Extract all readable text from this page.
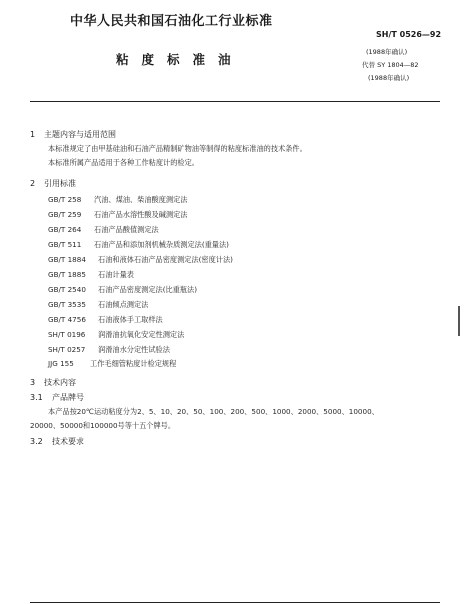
中华人民共和国石油化工行业标准
SH/T 0526—92
粘度标准油	(1988年确认)
代替 SY 1804—82
(1988年确认)
1 主题内容与适用范围
本标准规定了由甲基硅油和石油产品精制矿物油等制得的粘度标准油的技术条件。
本标准所属产品适用于各种工作粘度计的检定。
2 引用标准
GB/T 258 汽油、煤油、柴油酸度测定法
GB/T 259 石油产品水溶性酸及碱测定法
GB/T 264 石油产品酸值测定法
GB/T 511 石油产品和添加剂机械杂质测定法(重量法)
GB/T 1884 石油和液体石油产品密度测定法(密度计法)
GB/T 1885 石油计量表
GB/T 2540 石油产品密度测定法(比重瓶法)
GB/T 3535 石油倾点测定法
GB/T 4756 石油液体手工取样法
SH/T 0196 润滑油抗氧化安定性测定法
SH/T 0257 润滑油水分定性试验法
JJG 155 工作毛细管粘度计检定规程
3 技术内容
3.1 产品牌号
本产品按20℃运动粘度分为2、5、10、20、50、100、200、500、1000、2000、5000、10000、
20000、50000和100000号等十五个牌号。
3.2 技术要求
